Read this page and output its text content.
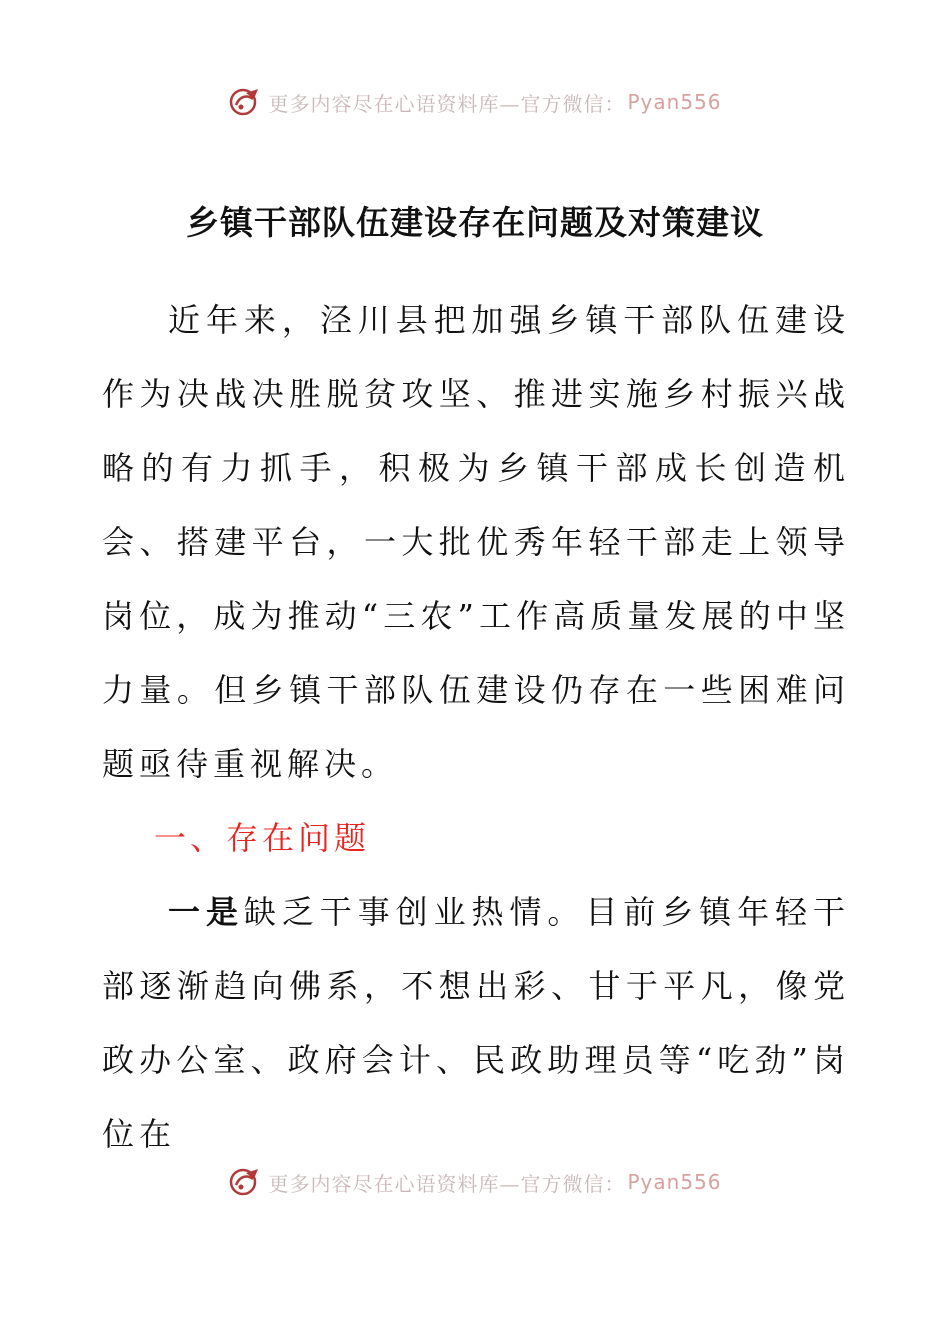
更多内容尽在心语资料库—官方微信： Pyan556
乡镇干部队伍建设存在问题及对策建议
近年来，泾川县把加强乡镇干部队伍建设作为决战决胜脱贫攻坚、推进实施乡村振兴战略的有力抓手，积极为乡镇干部成长创造机会、搭建平台，一大批优秀年轻干部走上领导岗位，成为推动“三农”工作高质量发展的中坚力量。但乡镇干部队伍建设仍存在一些困难问题亟待重视解决。
一、存在问题
一是缺乏干事创业热情。目前乡镇年轻干部逐渐趋向佛系，不想出彩、甘于平凡，像党政办公室、政府会计、民政助理员等“吃劲”岗位在
更多内容尽在心语资料库—官方微信： Pyan556
